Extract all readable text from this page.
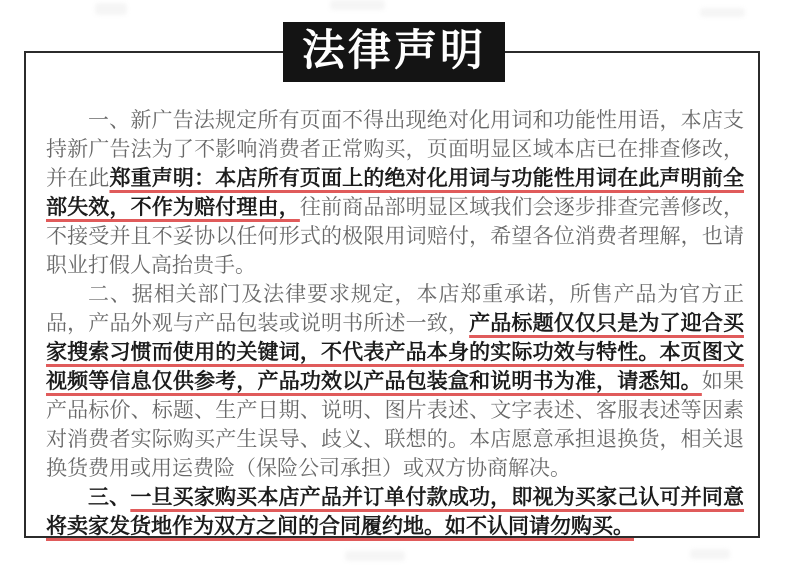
法律声明

一、新广告法规定所有页面不得出现绝对化用词和功能性用语，本店支持新广告法为了不影响消费者正常购买，页面明显区域本店已在排查修改，并在此郑重声明：本店所有页面上的绝对化用词与功能性用词在此声明前全部失效，不作为赔付理由，往前商品部明显区域我们会逐步排查完善修改，不接受并且不妥协以任何形式的极限用词赔付，希望各位消费者理解，也请职业打假人高抬贵手。

二、据相关部门及法律要求规定，本店郑重承诺，所售产品为官方正品，产品外观与产品包装或说明书所述一致，产品标题仅仅只是为了迎合买家搜索习惯而使用的关键词，不代表产品本身的实际功效与特性。本页图文视频等信息仅供参考，产品功效以产品包装盒和说明书为准，请悉知。如果产品标价、标题、生产日期、说明、图片表述、文字表述、客服表述等因素对消费者实际购买产生误导、歧义、联想的。本店愿意承担退换货，相关退换货费用或用运费险（保险公司承担）或双方协商解决。

三、一旦买家购买本店产品并订单付款成功，即视为买家己认可并同意将卖家发货地作为双方之间的合同履约地。如不认同请勿购买。
